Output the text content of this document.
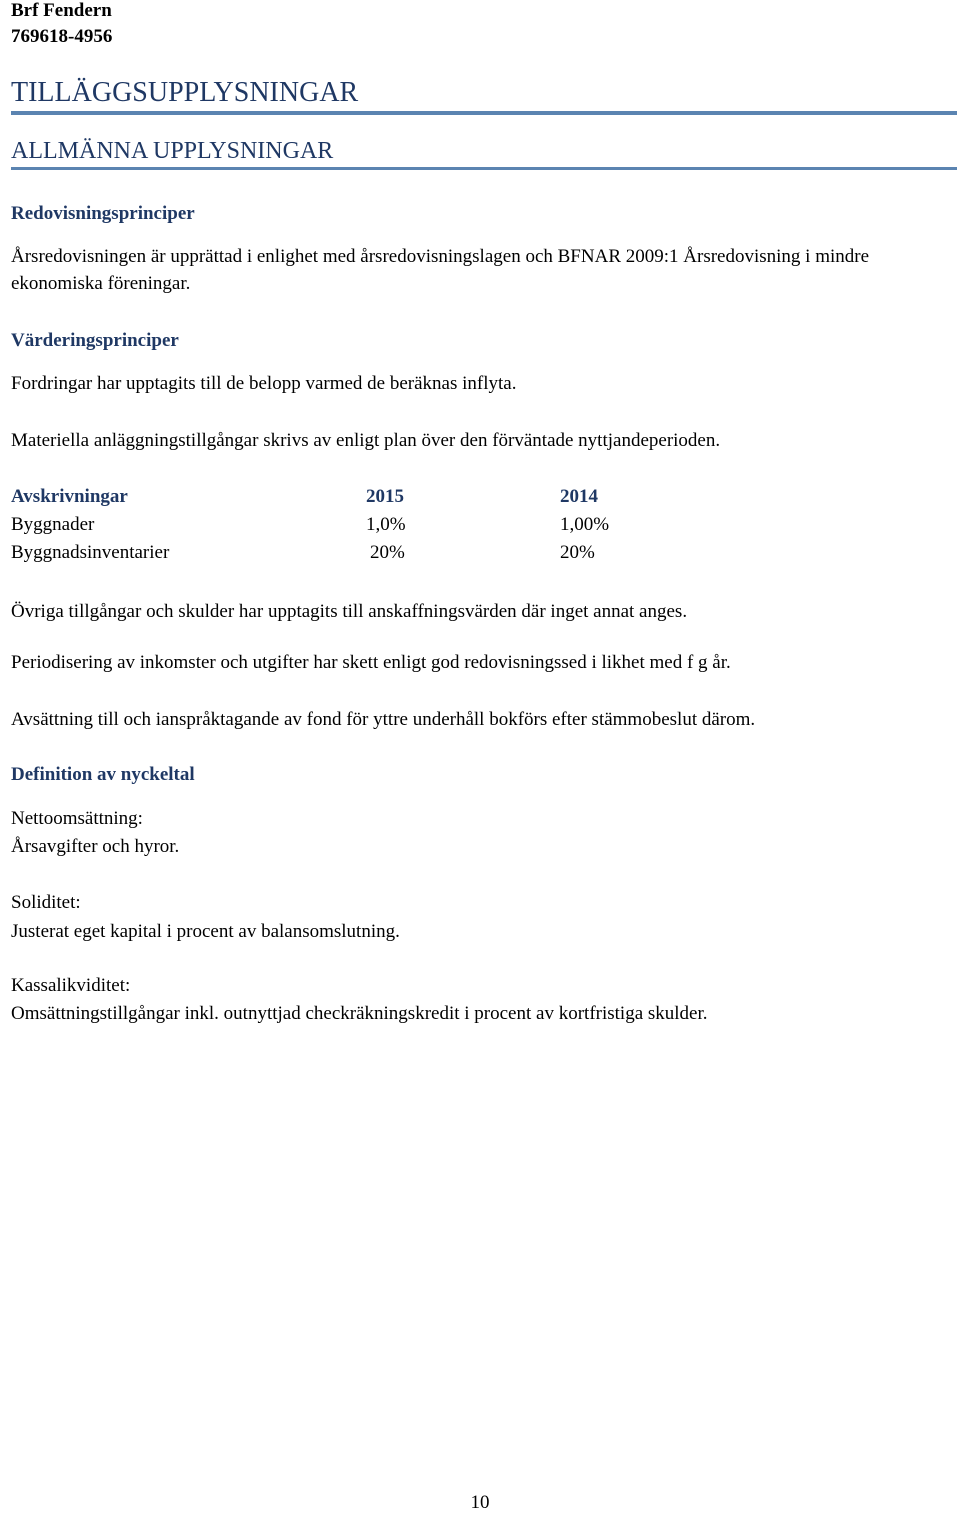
Brf Fendern
769618-4956
TILLÄGGSUPPLYSNINGAR
ALLMÄNNA UPPLYSNINGAR
Redovisningsprinciper
Årsredovisningen är upprättad i enlighet med årsredovisningslagen och BFNAR 2009:1 Årsredovisning i mindre ekonomiska föreningar.
Värderingsprinciper
Fordringar har upptagits till de belopp varmed de beräknas inflyta.
Materiella anläggningstillgångar skrivs av enligt plan över den förväntade nyttjandeperioden.
Avskrivningar	2015	2014
Byggnader	1,0%	1,00%
Byggnadsinventarier	20%	20%
Övriga tillgångar och skulder har upptagits till anskaffningsvärden där inget annat anges.
Periodisering av inkomster och utgifter har skett enligt god redovisningssed i likhet med f g år.
Avsättning till och ianspråktagande av fond för yttre underhåll bokförs efter stämmobeslut därom.
Definition av nyckeltal
Nettoomsättning:
Årsavgifter och hyror.
Soliditet:
Justerat eget kapital i procent av balansomslutning.
Kassalikviditet:
Omsättningstillgångar inkl. outnyttjad checkräkningskredit i procent av kortfristiga skulder.
10
